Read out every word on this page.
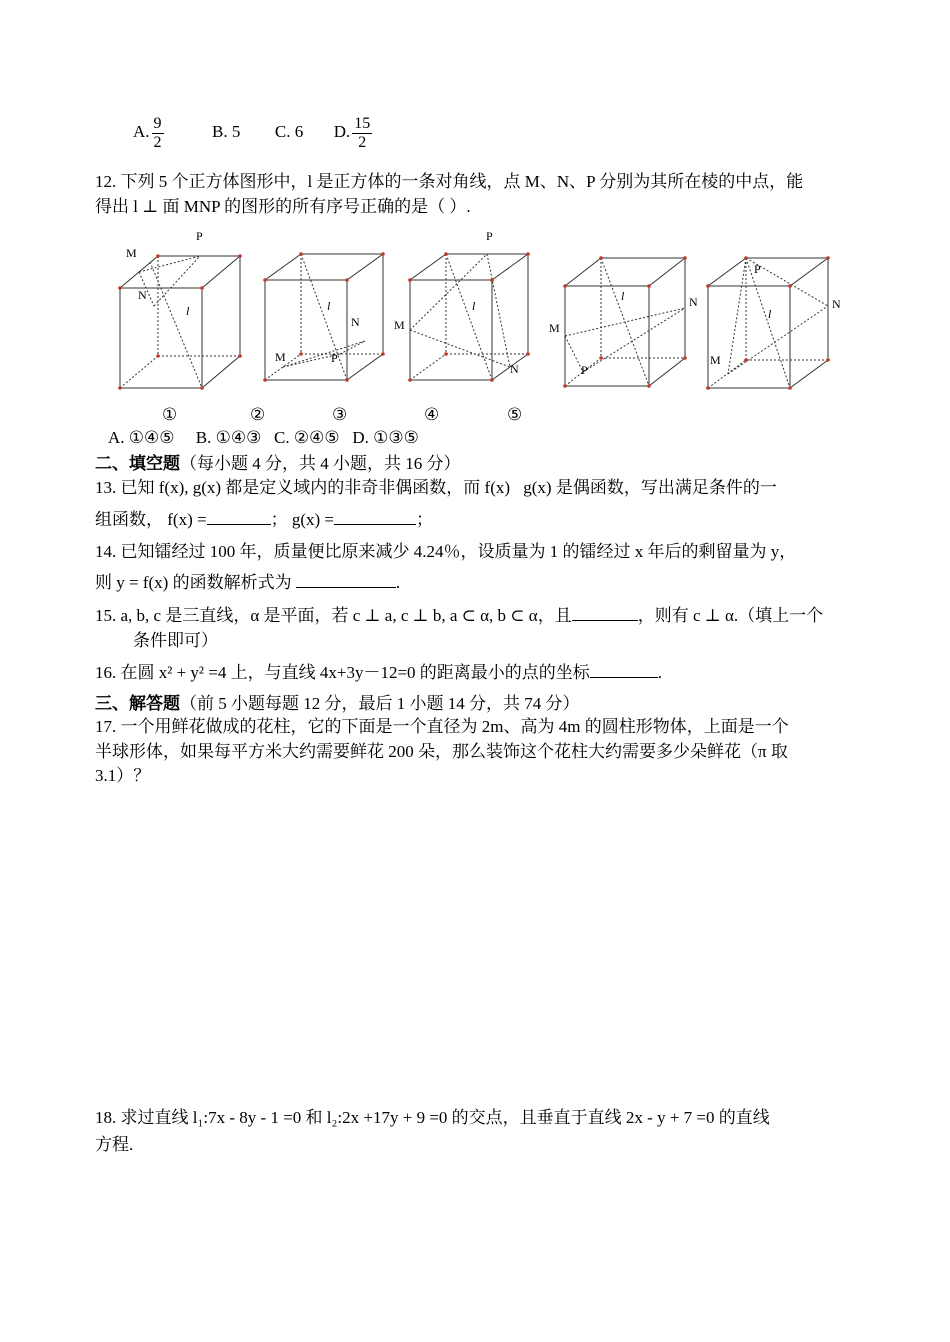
A. $\frac{9}{2}$	B. 5 C. 6 D. $\frac{15}{2}$
12. 下列 5 个正方体图形中，l 是正方体的一条对角线，点 M、N、P 分别为其所在棱的中点，能
得出 l ⊥ 面 MNP 的图形的所有序号正确的是（ ）.
M
P
N
l
M
N
P
l
M
P
N
l
M
N
P
l
M
P
N
l
①	②	③	④	⑤
A. ①④⑤     B. ①④③   C. ②④⑤   D. ①③⑤
二、填空题（每小题 4 分，共 4 小题，共 16 分）
13. 已知 f(x), g(x) 都是定义域内的非奇非偶函数，而 f(x)􏰀g(x) 是偶函数，写出满足条件的一
组函数， f(x) =	； g(x) =	；
14. 已知镭经过 100 年，质量便比原来减少 4.24％，设质量为 1 的镭经过 x 年后的剩留量为 y，
则 y = f(x) 的函数解析式为	.
15. a, b, c 是三直线，α 是平面，若 c ⊥ a, c ⊥ b, a ⊂ α, b ⊂ α，且	，则有 c ⊥ α.（填上一个
条件即可）
16. 在圆 x² + y² =4 上，与直线 4x+3y－12=0 的距离最小的点的坐标	.
三、解答题（前 5 小题每题 12 分，最后 1 小题 14 分，共 74 分）
17. 一个用鲜花做成的花柱，它的下面是一个直径为 2m、高为 4m 的圆柱形物体，上面是一个
半球形体，如果每平方米大约需要鲜花 200 朵，那么装饰这个花柱大约需要多少朵鲜花（π 取
3.1）？
18. 求过直线 l₁:7x - 8y - 1 =0 和 l₂:2x +17y + 9 =0 的交点，且垂直于直线 2x - y + 7 =0 的直线
方程.
